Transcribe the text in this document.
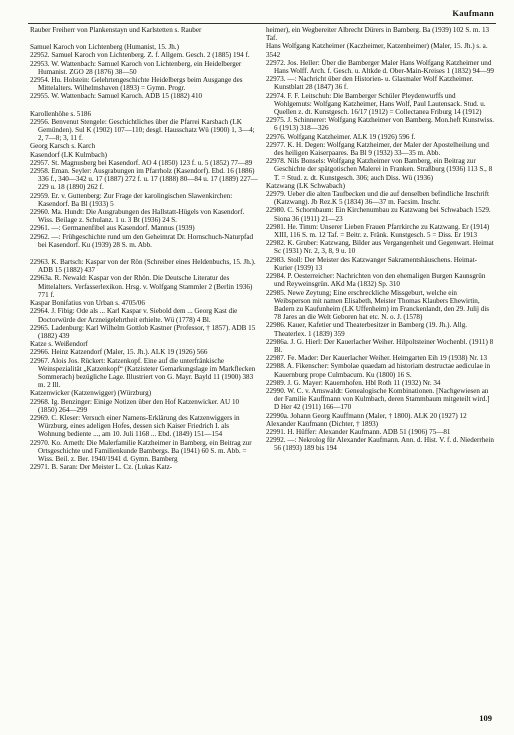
Kaufmann
Rauber Freiherr von Plankenstayn und Karlstetten s. Rauber
Samuel Karoch von Lichtenberg (Humanist, 15. Jh.)
22952. Samuel Karoch von Lichtenberg. Z. f. Allgem. Gesch. 2 (1885) 194 f.
22953. W. Wattenbach: Samuel Karoch von Lichtenberg, ein Heidelberger Humanist. ZGO 28 (1876) 38—50
22954. Hu. Holstein: Gelehrtengeschichte Heidelbergs beim Ausgange des Mittelalters. Wilhelmshaven (1893) = Gymn. Progr.
22955. W. Wattenbach: Samuel Karoch. ADB 15 (1882) 410
Karollenhöhe s. 5186
22956. Benvenut Stengele: Geschichtliches über die Pfarrei Karsbach (LK Gemünden). Sul K (1902) 107—110; desgl. Hausschatz Wü (1900) 1, 3—4; 2, 7—8; 3, 11 f.
Georg Karsch s. Karch
Kasendorf (LK Kulmbach)
22957. St. Magnusberg bei Kasendorf. AO 4 (1850) 123 f. u. 5 (1852) 77—89
22958. Eman. Seyler: Ausgrabungen im Pfarrholz (Kasendorf). Ebd. 16 (1886) 336 f., 340—342 u. 17 (1887) 272 f. u. 17 (1888) 80—84 u. 17 (1889) 227—229 u. 18 (1890) 262 f.
22959. Er. v. Guttenberg: Zur Frage der karolingischen Slawenkirchen: Kasendorf. Ba Bl (1933) 5
22960. Ma. Hundt: Die Ausgrabungen des Hallstatt-Hügels von Kasendorf. Wiss. Beilage z. Schulanz. 1 u. 3 Bt (1936) 24 S.
22961. —: Germanenfibel aus Kasendorf. Mannus (1939)
22962. —: Frühgeschichte rund um den Geheimrat Dr. Hornschuch-Naturpfad bei Kasendorf. Ku (1939) 28 S. m. Abb.
22963. K. Bartsch: Kaspar von der Rön (Schreiber eines Heldenbuchs, 15. Jh.). ADB 15 (1882) 437
22963a. R. Newald: Kaspar von der Rhön. Die Deutsche Literatur des Mittelalters. Verfasserlexikon. Hrsg. v. Wolfgang Stammler 2 (Berlin 1936) 771 f.
Kaspar Bonifatius von Urban s. 4705/06
22964. J. Fibig: Ode als ... Karl Kaspar v. Siebold dem ... Georg Kast die Doctorwürde der Arzneigelehrtheit erhielte. Wü (1778) 4 Bl.
22965. Ladenburg: Karl Wilhelm Gottlob Kastner (Professor, † 1857). ADB 15 (1882) 439
Katze s. Weißendorf
22966. Heinz Katzendorf (Maler, 15. Jh.). ALK 19 (1926) 566
22967. Alois Jos. Rückert: Katzenkopf. Eine auf die unterfränkische Weinspezialität „Katzenkopf“ (Katzisteter Gemarkungslage im Markflecken Sommerach) bezügliche Lage. Illustriert von G. Mayr. Bayld 11 (1900) 383 m. 2 Ill.
Katzenwicker (Katzenwigger) (Würzburg)
22968. Ig. Benzinger: Einige Notizen über den Hof Katzenwicker. AU 10 (1850) 264—299
22969. C. Kleser: Versuch einer Namens-Erklärung des Katzenwiggers in Würzburg, eines adeligen Hofes, dessen sich Kaiser Friedrich I. als Wohnung bediente ..., am 10. Juli 1168 ... Ebd. (1849) 151—154
22970. Ko. Arneth: Die Malerfamilie Katzheimer in Bamberg, ein Beitrag zur Ortsgeschichte und Familienkunde Bambergs. Ba (1941) 60 S. m. Abb. = Wiss. Beil. z. Ber. 1940/1941 d. Gymn. Bamberg
22971. B. Saran: Der Meister L. Cz. (Lukas Katz-
heimer), ein Wegbereiter Albrecht Dürers in Bamberg. Ba (1939) 102 S. m. 13 Taf.
Hans Wolfgang Katzheimer (Kaczheimer, Katzenheimer) (Maler, 15. Jh.) s. a. 3542
22972. Jos. Heller: Über die Bamberger Maler Hans Wolfgang Katzheimer und Hans Wolff. Arch. f. Gesch. u. Altkde d. Ober-Main-Kreises 1 (1832) 94—99
22973. —: Nachricht über den Historien- u. Glasmaler Wolf Katzheimer. Kunstblatt 28 (1847) 36 f.
22974. F. F. Leitschuh: Die Bamberger Schüler Pleydenwurffs und Wohlgemuts: Wolfgang Katzheimer, Hans Wolf, Paul Lautensack. Stud. u. Quellen z. dt. Kunstgesch. 16/17 (1912) = Collectanea Friburg 14 (1912)
22975. J. Schinnerer: Wolfgang Katzheimer von Bamberg. Mon.heft Kunstwiss. 6 (1913) 318—326
22976. Wolfgang Katzheimer. ALK 19 (1926) 596 f.
22977. K. H. Degen: Wolfgang Katzheimer, der Maler der Apostelheilung und des heiligen Kaiserpaares. Ba Bl 9 (1932) 33—35 m. Abb.
22978. Nils Bonsels: Wolfgang Katzheimer von Bamberg, ein Beitrag zur Geschichte der spätgotischen Malerei in Franken. Straßburg (1936) 113 S., 8 T. = Stud. z. dt. Kunstgesch. 306; auch Diss. Wü (1936)
Katzwang (LK Schwabach)
22979. Ueber die alten Taufbecken und die auf denselben befindliche Inschrift (Katzwang). Jb Rez.K 5 (1834) 36—37 m. Facsim. Inschr.
22980. C. Schornbaum: Ein Kirchenumbau zu Katzwang bei Schwabach 1529. Siona 36 (1911) 21—23
22981. He. Timm: Unserer Lieben Frauen Pfarrkirche zu Katzwang. Er (1914) XIII, 116 S. m. 12 Taf. = Beitr. z. Fränk. Kunstgesch. 5 = Diss. Er 1913
22982. K. Gruber: Katzwang, Bilder aus Vergangenheit und Gegenwart. Heimat Sc (1931) Nr. 2, 3, 8, 9 u. 10
22983. Stoll: Der Meister des Katzwanger Sakramentshäuschens. Heimat-Kurier (1939) 13
22984. P. Oesterreicher: Nachrichten von den ehemaligen Burgen Kaunsgrün und Reyweinsgrün. AKd Ma (1832) Sp. 310
22985. Newe Zeytung; Eine erschreckliche Missgeburt, welche ein Weibsperson mit namen Elisabeth, Meister Thomas Klaubers Ehewirtin, Badern zu Kaufunheim (LK Uffenheim) im Franckenlandt, den 29. Julij dis 78 Jares an die Welt Geboren hat etc. N. o. J. (1578)
22986. Kauer, Kafetier und Theaterbesitzer in Bamberg (19. Jh.). Allg. Theaterlex. 1 (1839) 359
22986a. J. G. Hierl: Der Kauerlacher Weiher. Hilpoltsteiner Wochenbl. (1911) 8 Bl.
22987. Fe. Mader: Der Kauerlacher Weiher. Heimgarten Eih 19 (1938) Nr. 13
22988. A. Fikenscher: Symbolae quaedam ad historiam destructae aediculae in Kauernburg prope Culmbacum. Ku (1800) 16 S.
22989. J. G. Mayer: Kauernhofen. Hbl Roth 11 (1932) Nr. 34
22990. W. C. v. Arnswaldt: Genealogische Kombinationen. [Nachgewiesen an der Familie Kauffmann von Kulmbach, deren Stammbaum mitgeteilt wird.] D Her 42 (1911) 166—170
22990a. Johann Georg Kauffmann (Maler, † 1800). ALK 20 (1927) 12
Alexander Kaufmann (Dichter, † 1893)
22991. H. Hüffer: Alexander Kaufmann. ADB 51 (1906) 75—81
22992. —: Nekrolog für Alexander Kaufmann. Ann. d. Hist. V. f. d. Niederrhein 56 (1893) 189 bis 194
109
